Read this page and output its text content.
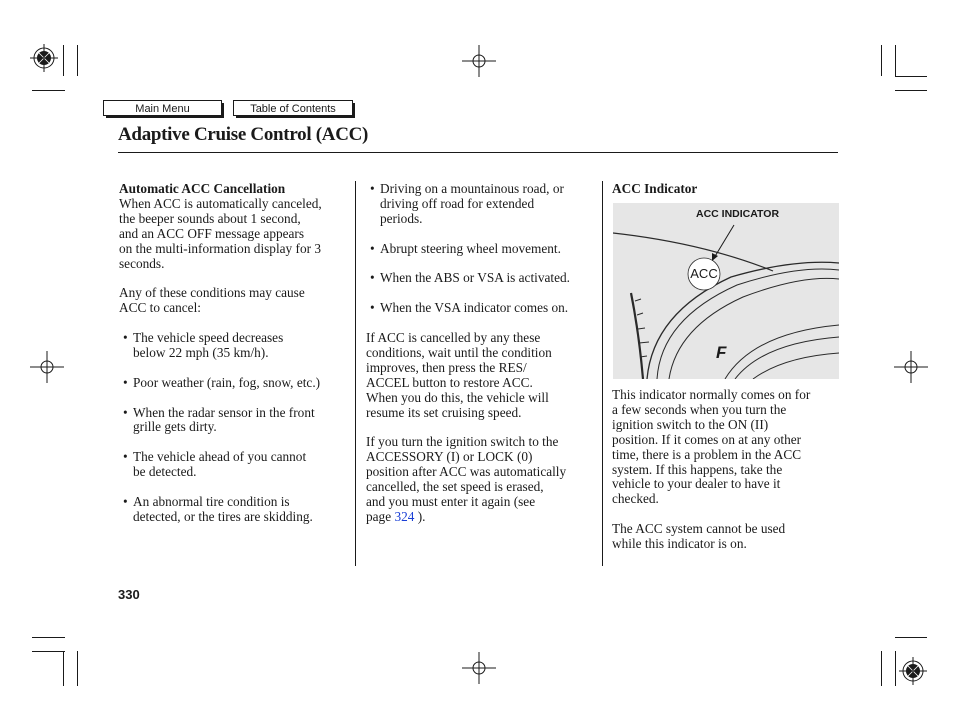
Main Menu	Table of Contents
Adaptive Cruise Control (ACC)

Automatic ACC Cancellation

When ACC is automatically canceled,

the beeper sounds about 1 second,

and an ACC OFF message appears

on the multi-information display for 3

seconds.

Any of these conditions may cause

ACC to cancel:

• The vehicle speed decreases

below 22 mph (35 km/h).

• Poor weather (rain, fog, snow, etc.)

• When the radar sensor in the front

grille gets dirty.

• The vehicle ahead of you cannot

be detected.

• An abnormal tire condition is

detected, or the tires are skidding.

• Driving on a mountainous road, or

driving off road for extended

periods.

• Abrupt steering wheel movement.

• When the ABS or VSA is activated.

• When the VSA indicator comes on.

If ACC is cancelled by any these

conditions, wait until the condition

improves, then press the RES/

ACCEL button to restore ACC.

When you do this, the vehicle will

resume its set cruising speed.

If you turn the ignition switch to the

ACCESSORY (I) or LOCK (0)

position after ACC was automatically

cancelled, the set speed is erased,

and you must enter it again (see

page 324 ).

ACC Indicator

ACC INDICATOR
ACC
F

This indicator normally comes on for

a few seconds when you turn the

ignition switch to the ON (II)

position. If it comes on at any other

time, there is a problem in the ACC

system. If this happens, take the

vehicle to your dealer to have it

checked.

The ACC system cannot be used

while this indicator is on.

330
